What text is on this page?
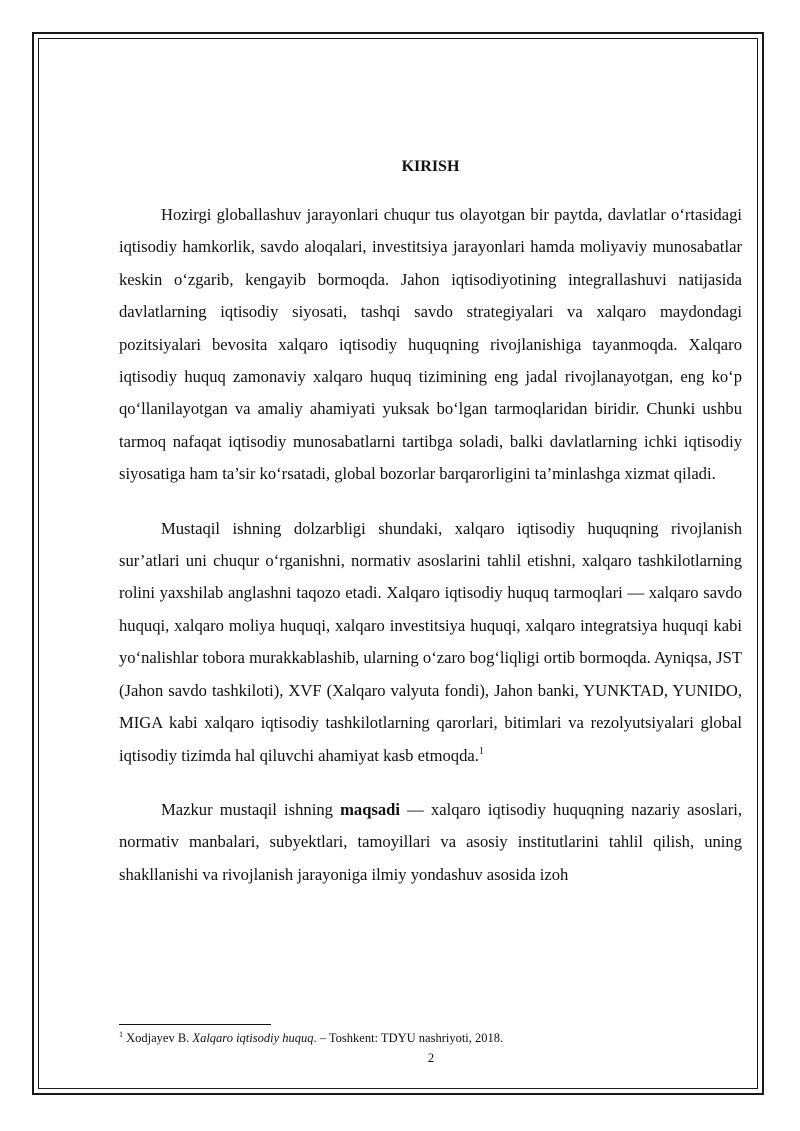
KIRISH

Hozirgi globallashuv jarayonlari chuqur tus olayotgan bir paytda, davlatlar o‘rtasidagi iqtisodiy hamkorlik, savdo aloqalari, investitsiya jarayonlari hamda moliyaviy munosabatlar keskin o‘zgarib, kengayib bormoqda. Jahon iqtisodiyotining integrallashuvi natijasida davlatlarning iqtisodiy siyosati, tashqi savdo strategiyalari va xalqaro maydondagi pozitsiyalari bevosita xalqaro iqtisodiy huquqning rivojlanishiga tayanmoqda. Xalqaro iqtisodiy huquq zamonaviy xalqaro huquq tizimining eng jadal rivojlanayotgan, eng ko‘p qo‘llanilayotgan va amaliy ahamiyati yuksak bo‘lgan tarmoqlaridan biridir. Chunki ushbu tarmoq nafaqat iqtisodiy munosabatlarni tartibga soladi, balki davlatlarning ichki iqtisodiy siyosatiga ham ta’sir ko‘rsatadi, global bozorlar barqarorligini ta’minlashga xizmat qiladi.

Mustaqil ishning dolzarbligi shundaki, xalqaro iqtisodiy huquqning rivojlanish sur’atlari uni chuqur o‘rganishni, normativ asoslarini tahlil etishni, xalqaro tashkilotlarning rolini yaxshilab anglashni taqozo etadi. Xalqaro iqtisodiy huquq tarmoqlari — xalqaro savdo huquqi, xalqaro moliya huquqi, xalqaro investitsiya huquqi, xalqaro integratsiya huquqi kabi yo‘nalishlar tobora murakkablashib, ularning o‘zaro bog‘liqligi ortib bormoqda. Ayniqsa, JST (Jahon savdo tashkiloti), XVF (Xalqaro valyuta fondi), Jahon banki, YUNKTAD, YUNIDO, MIGA kabi xalqaro iqtisodiy tashkilotlarning qarorlari, bitimlari va rezolyutsiyalari global iqtisodiy tizimda hal qiluvchi ahamiyat kasb etmoqda.$^1$

Mazkur mustaqil ishning maqsadi — xalqaro iqtisodiy huquqning nazariy asoslari, normativ manbalari, subyektlari, tamoyillari va asosiy institutlarini tahlil qilish, uning shakllanishi va rivojlanish jarayoniga ilmiy yondashuv asosida izoh

$^1$ Xodjayev B. Xalqaro iqtisodiy huquq. – Toshkent: TDYU nashriyoti, 2018.
2
